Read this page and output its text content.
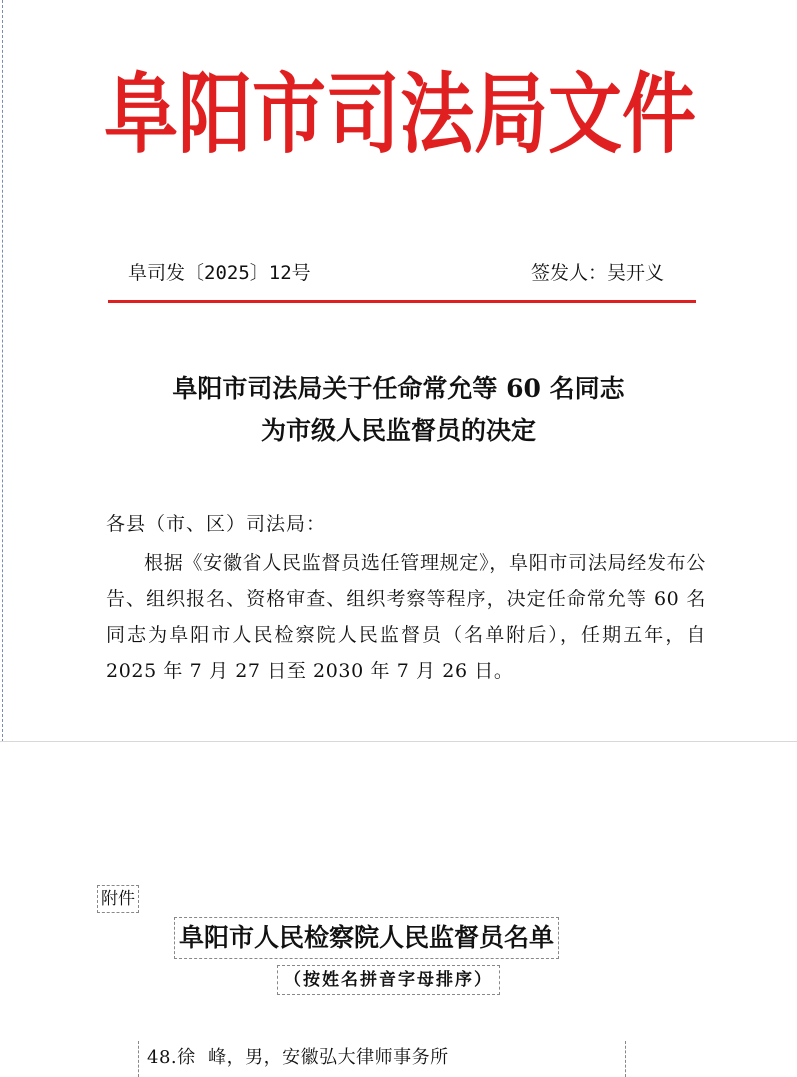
阜阳市司法局文件
阜司发〔2025〕12号	签发人：吴开义
阜阳市司法局关于任命常允等 60 名同志
为市级人民监督员的决定
各县（市、区）司法局：

根据《安徽省人民监督员选任管理规定》，阜阳市司法局经发布公告、组织报名、资格审查、组织考察等程序，决定任命常允等 60 名同志为阜阳市人民检察院人民监督员（名单附后），任期五年，自 2025 年 7 月 27 日至 2030 年 7 月 26 日。

附件
阜阳市人民检察院人民监督员名单
（按姓名拼音字母排序）
48.徐  峰，男，安徽弘大律师事务所
